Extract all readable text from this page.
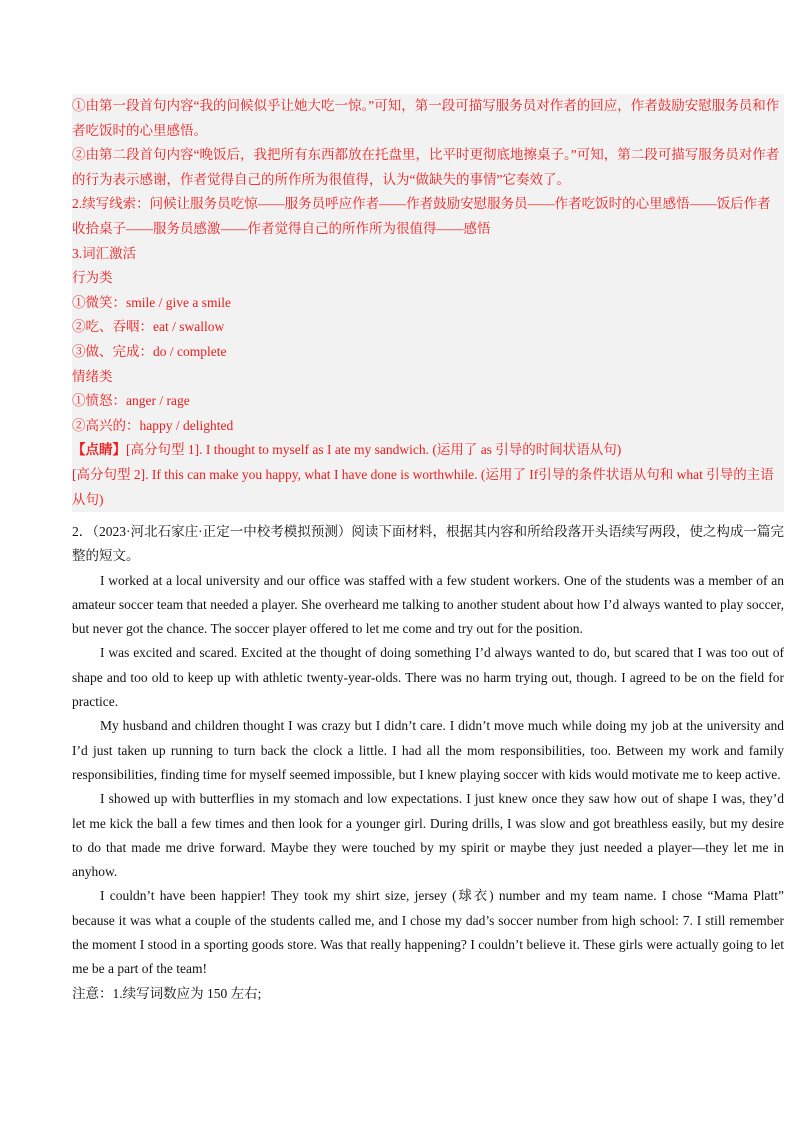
①由第一段首句内容“我的问候似乎让她大吃一惊。”可知，第一段可描写服务员对作者的回应，作者鼓励安慰服务员和作者吃饭时的心里感悟。
②由第二段首句内容“晚饭后，我把所有东西都放在托盘里，比平时更彻底地擦桌子。”可知，第二段可描写服务员对作者的行为表示感谢，作者觉得自己的所作所为很值得，认为“做缺失的事情”它奏效了。
2.续写线索：问候让服务员吃惊——服务员呼应作者——作者鼓励安慰服务员——作者吃饭时的心里感悟——饭后作者收拾桌子——服务员感激——作者觉得自己的所作所为很值得——感悟
3.词汇激活
行为类
①微笑：smile / give a smile
②吃、吞咽：eat / swallow
③做、完成：do / complete
情绪类
①愤怒：anger / rage
②高兴的：happy / delighted
【点睛】[高分句型 1]. I thought to myself as I ate my sandwich. (运用了 as 引导的时间状语从句)
[高分句型 2]. If this can make you happy, what I have done is worthwhile. (运用了 If引导的条件状语从句和 what 引导的主语从句)

2．（2023·河北石家庄·正定一中校考模拟预测）阅读下面材料，根据其内容和所给段落开头语续写两段，使之构成一篇完整的短文。

I worked at a local university and our office was staffed with a few student workers. One of the students was a member of an amateur soccer team that needed a player. She overheard me talking to another student about how I’d always wanted to play soccer, but never got the chance. The soccer player offered to let me come and try out for the position.

I was excited and scared. Excited at the thought of doing something I’d always wanted to do, but scared that I was too out of shape and too old to keep up with athletic twenty-year-olds. There was no harm trying out, though. I agreed to be on the field for practice.

My husband and children thought I was crazy but I didn’t care. I didn’t move much while doing my job at the university and I’d just taken up running to turn back the clock a little. I had all the mom responsibilities, too. Between my work and family responsibilities, finding time for myself seemed impossible, but I knew playing soccer with kids would motivate me to keep active.

I showed up with butterflies in my stomach and low expectations. I just knew once they saw how out of shape I was, they’d let me kick the ball a few times and then look for a younger girl. During drills, I was slow and got breathless easily, but my desire to do that made me drive forward. Maybe they were touched by my spirit or maybe they just needed a player—they let me in anyhow.

I couldn’t have been happier! They took my shirt size, jersey (球衣) number and my team name. I chose “Mama Platt” because it was what a couple of the students called me, and I chose my dad’s soccer number from high school: 7. I still remember the moment I stood in a sporting goods store. Was that really happening? I couldn’t believe it. These girls were actually going to let me be a part of the team!

注意：1.续写词数应为 150 左右;
